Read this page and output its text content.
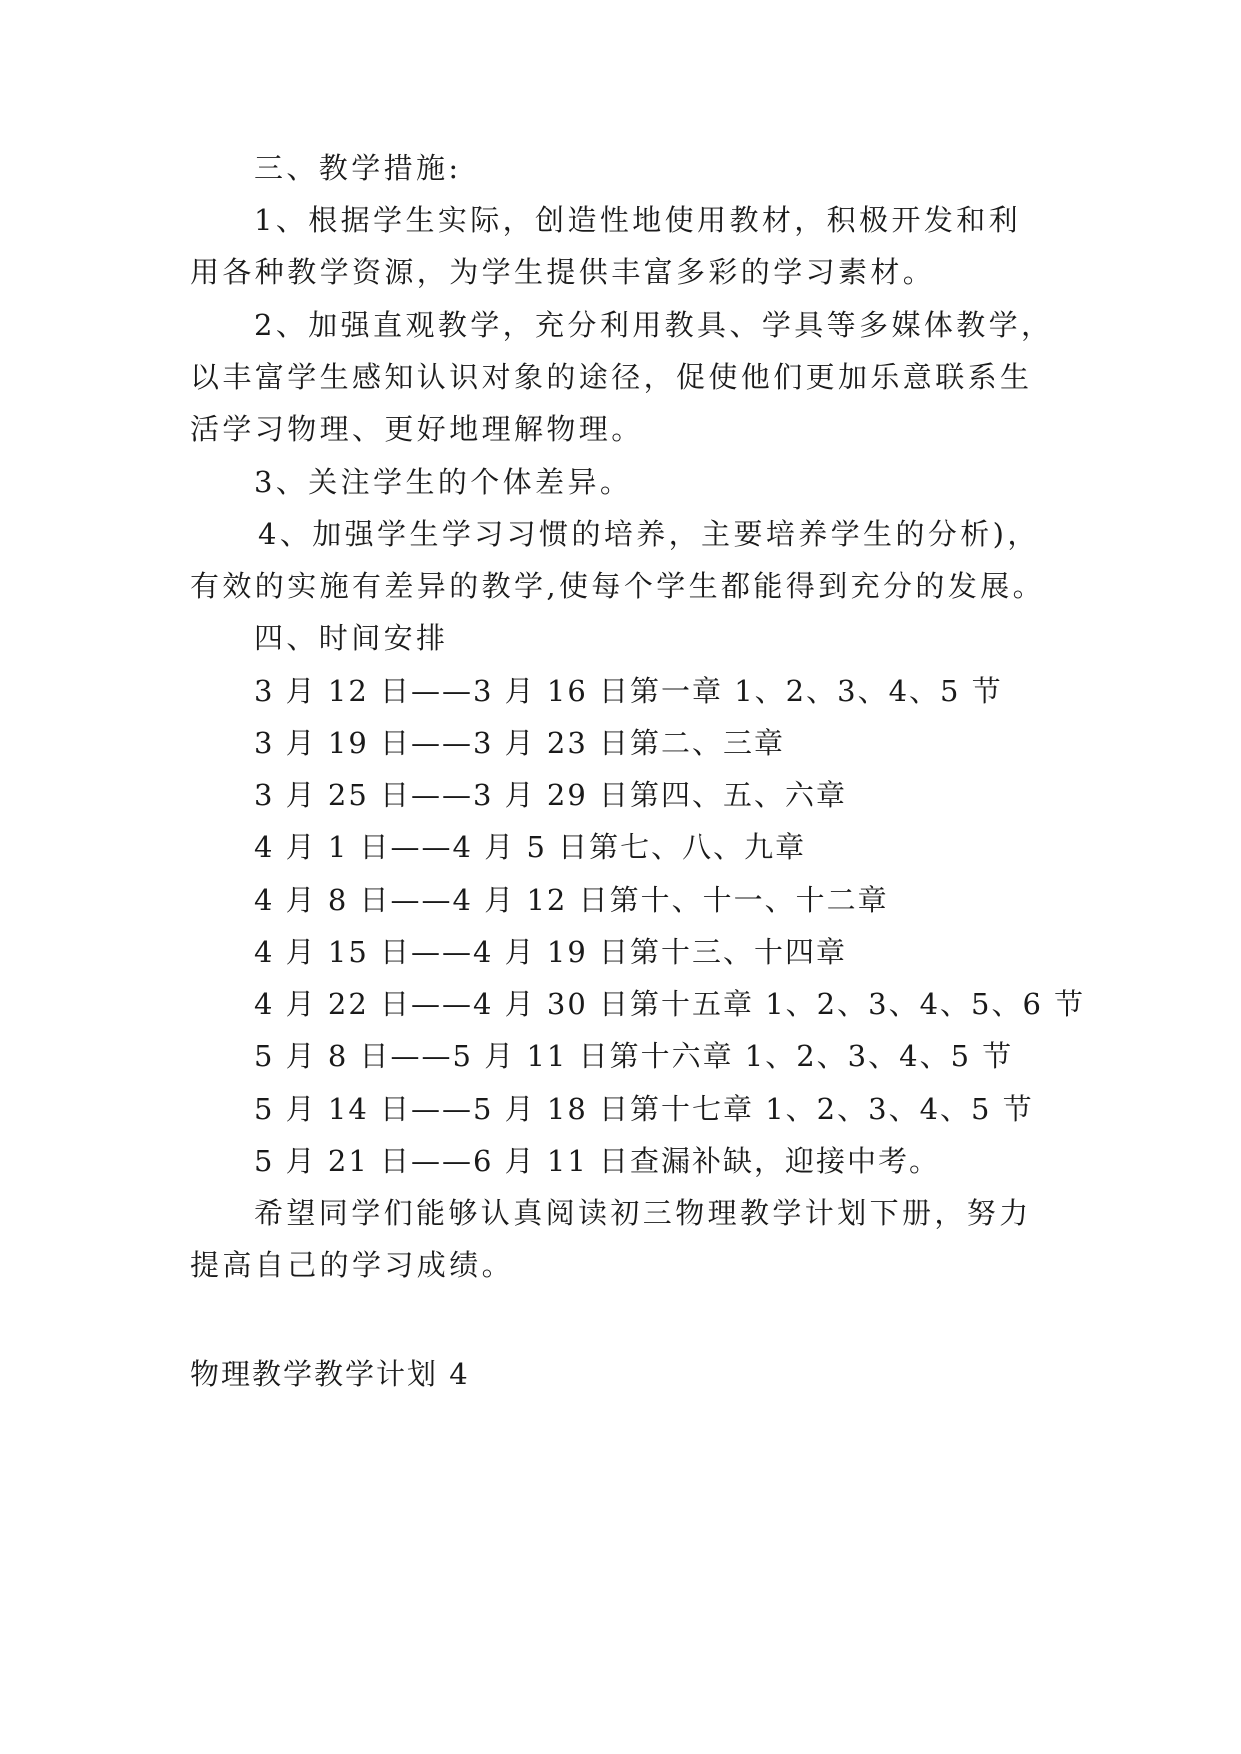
三、教学措施:
1、根据学生实际，创造性地使用教材，积极开发和利
用各种教学资源，为学生提供丰富多彩的学习素材。
2、加强直观教学，充分利用教具、学具等多媒体教学，
以丰富学生感知认识对象的途径，促使他们更加乐意联系生
活学习物理、更好地理解物理。
3、关注学生的个体差异。
4、加强学生学习习惯的培养，主要培养学生的分析)，
有效的实施有差异的教学,使每个学生都能得到充分的发展。
四、时间安排
3 月 12 日——3 月 16 日第一章 1、2、3、4、5 节
3 月 19 日——3 月 23 日第二、三章
3 月 25 日——3 月 29 日第四、五、六章
4 月 1 日——4 月 5 日第七、八、九章
4 月 8 日——4 月 12 日第十、十一、十二章
4 月 15 日——4 月 19 日第十三、十四章
4 月 22 日——4 月 30 日第十五章 1、2、3、4、5、6 节
5 月 8 日——5 月 11 日第十六章 1、2、3、4、5 节
5 月 14 日——5 月 18 日第十七章 1、2、3、4、5 节
5 月 21 日——6 月 11 日查漏补缺，迎接中考。
希望同学们能够认真阅读初三物理教学计划下册，努力
提高自己的学习成绩。
物理教学教学计划 4
